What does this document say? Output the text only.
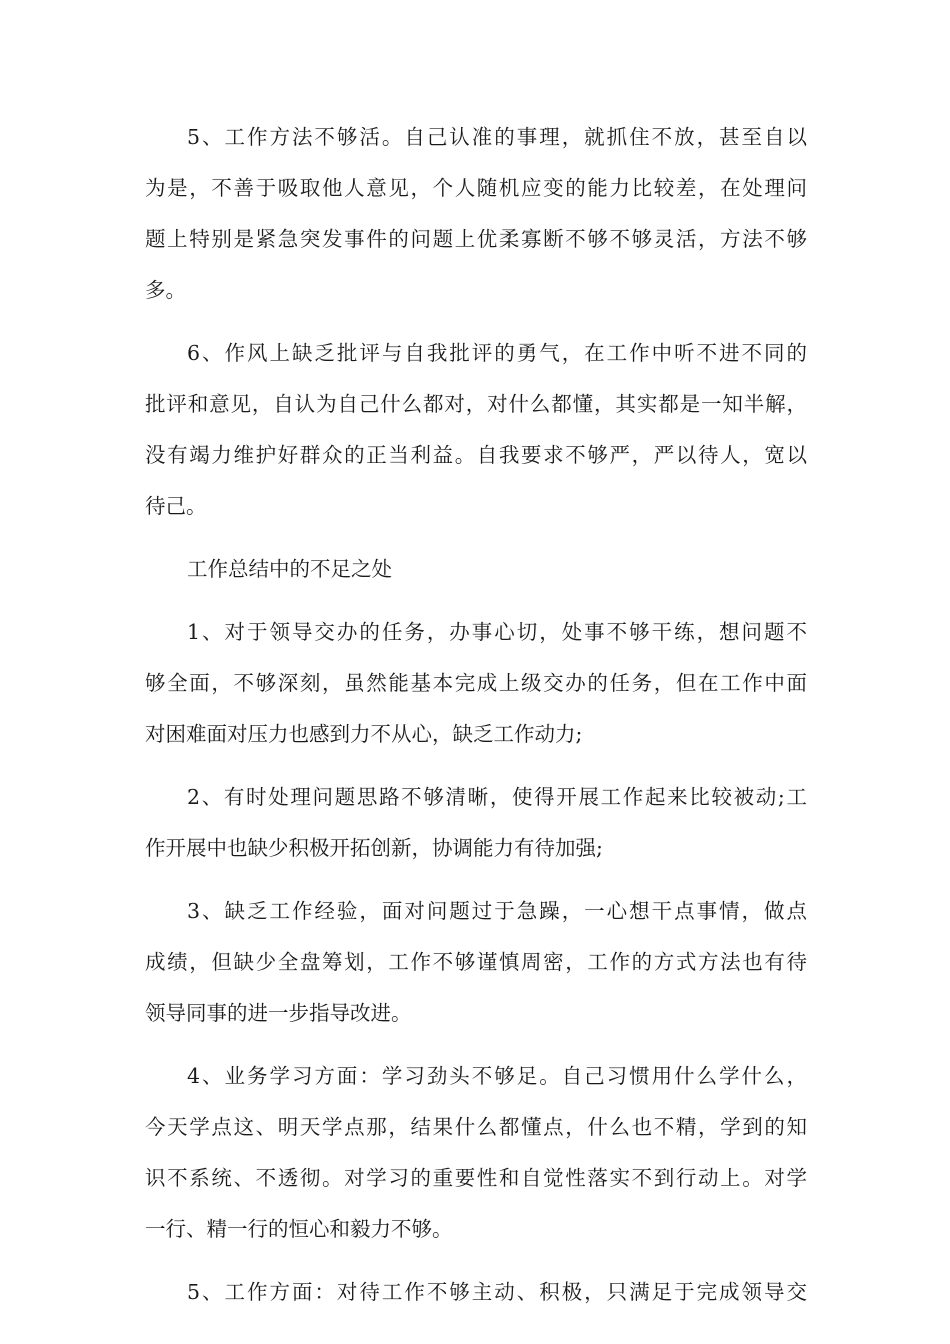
5、工作方法不够活。自己认准的事理，就抓住不放，甚至自以
为是，不善于吸取他人意见，个人随机应变的能力比较差，在处理问
题上特别是紧急突发事件的问题上优柔寡断不够不够灵活，方法不够
多。
6、作风上缺乏批评与自我批评的勇气，在工作中听不进不同的
批评和意见，自认为自己什么都对，对什么都懂，其实都是一知半解，
没有竭力维护好群众的正当利益。自我要求不够严，严以待人，宽以
待己。
工作总结中的不足之处
1、对于领导交办的任务，办事心切，处事不够干练，想问题不
够全面，不够深刻，虽然能基本完成上级交办的任务，但在工作中面
对困难面对压力也感到力不从心，缺乏工作动力;
2、有时处理问题思路不够清晰，使得开展工作起来比较被动;工
作开展中也缺少积极开拓创新，协调能力有待加强;
3、缺乏工作经验，面对问题过于急躁，一心想干点事情，做点
成绩，但缺少全盘筹划，工作不够谨慎周密，工作的方式方法也有待
领导同事的进一步指导改进。
4、业务学习方面：学习劲头不够足。自己习惯用什么学什么，
今天学点这、明天学点那，结果什么都懂点，什么也不精，学到的知
识不系统、不透彻。对学习的重要性和自觉性落实不到行动上。对学
一行、精一行的恒心和毅力不够。
5、工作方面：对待工作不够主动、积极，只满足于完成领导交
